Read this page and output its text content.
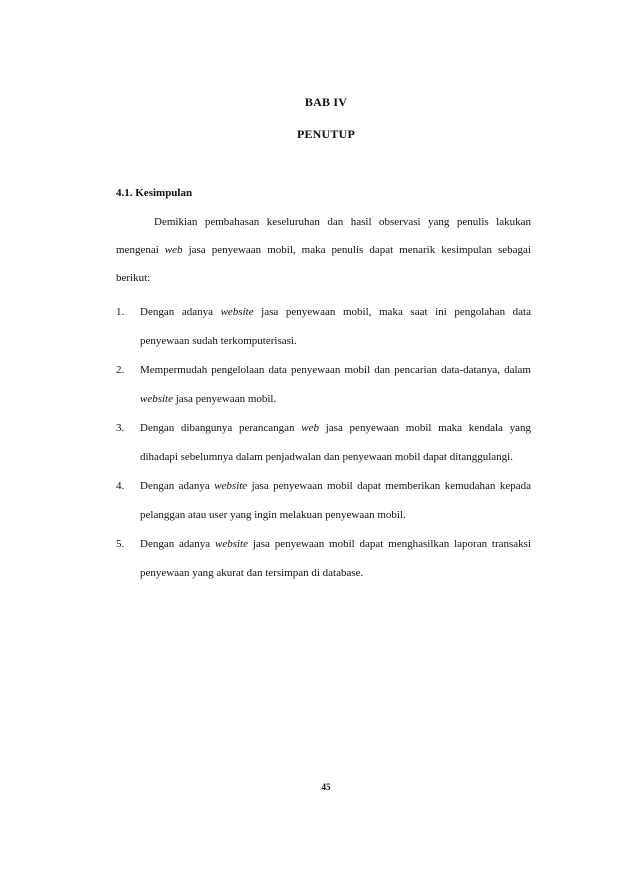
BAB IV
PENUTUP
4.1. Kesimpulan

Demikian pembahasan keseluruhan dan hasil observasi yang penulis lakukan mengenai web jasa penyewaan mobil, maka penulis dapat menarik kesimpulan sebagai berikut:

1. Dengan adanya website jasa penyewaan mobil, maka saat ini pengolahan data penyewaan sudah terkomputerisasi.
2. Mempermudah pengelolaan data penyewaan mobil dan pencarian data-datanya, dalam website jasa penyewaan mobil.
3. Dengan dibangunya perancangan web jasa penyewaan mobil maka kendala yang dihadapi sebelumnya dalam penjadwalan dan penyewaan mobil dapat ditanggulangi.
4. Dengan adanya website jasa penyewaan mobil dapat memberikan kemudahan kepada pelanggan atau user yang ingin melakuan penyewaan mobil.
5. Dengan adanya website jasa penyewaan mobil dapat menghasilkan laporan transaksi penyewaan yang akurat dan tersimpan di database.
45
